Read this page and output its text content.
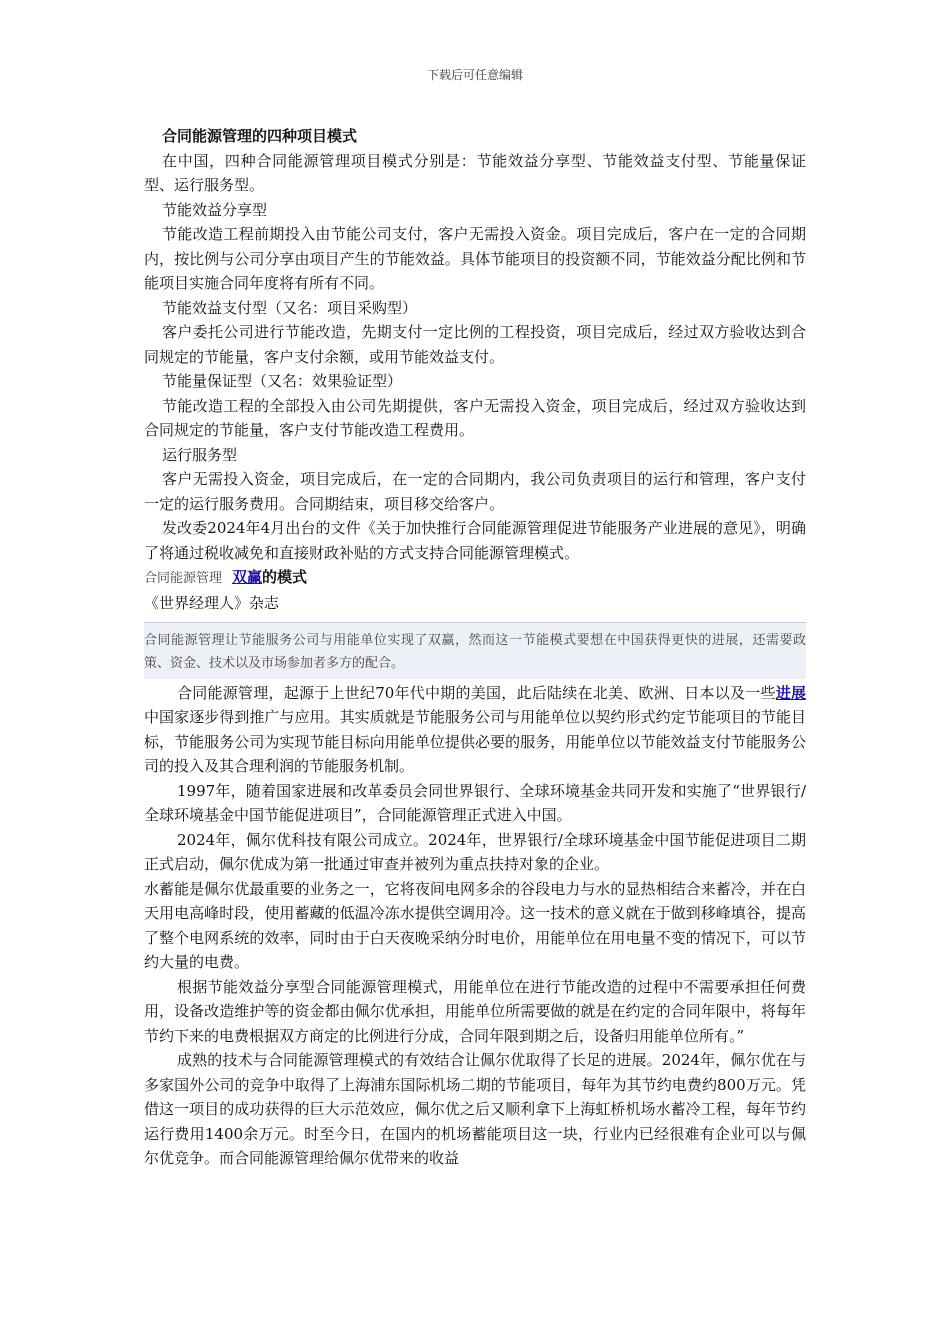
下载后可任意编辑

合同能源管理的四种项目模式

在中国，四种合同能源管理项目模式分别是：节能效益分享型、节能效益支付型、节能量保证型、运行服务型。

节能效益分享型

节能改造工程前期投入由节能公司支付，客户无需投入资金。项目完成后，客户在一定的合同期内，按比例与公司分享由项目产生的节能效益。具体节能项目的投资额不同，节能效益分配比例和节能项目实施合同年度将有所有不同。

节能效益支付型（又名：项目采购型）

客户委托公司进行节能改造，先期支付一定比例的工程投资，项目完成后，经过双方验收达到合同规定的节能量，客户支付余额，或用节能效益支付。

节能量保证型（又名：效果验证型）

节能改造工程的全部投入由公司先期提供，客户无需投入资金，项目完成后，经过双方验收达到合同规定的节能量，客户支付节能改造工程费用。

运行服务型

客户无需投入资金，项目完成后，在一定的合同期内，我公司负责项目的运行和管理，客户支付一定的运行服务费用。合同期结束，项目移交给客户。

发改委2024年4月出台的文件《关于加快推行合同能源管理促进节能服务产业进展的意见》，明确了将通过税收减免和直接财政补贴的方式支持合同能源管理模式。

合同能源管理 双赢的模式

《世界经理人》杂志

合同能源管理让节能服务公司与用能单位实现了双赢，然而这一节能模式要想在中国获得更快的进展，还需要政策、资金、技术以及市场参加者多方的配合。

合同能源管理，起源于上世纪70年代中期的美国，此后陆续在北美、欧洲、日本以及一些进展中国家逐步得到推广与应用。其实质就是节能服务公司与用能单位以契约形式约定节能项目的节能目标，节能服务公司为实现节能目标向用能单位提供必要的服务，用能单位以节能效益支付节能服务公司的投入及其合理利润的节能服务机制。

1997年，随着国家进展和改革委员会同世界银行、全球环境基金共同开发和实施了“世界银行/全球环境基金中国节能促进项目”，合同能源管理正式进入中国。

2024年，佩尔优科技有限公司成立。2024年，世界银行/全球环境基金中国节能促进项目二期正式启动，佩尔优成为第一批通过审查并被列为重点扶持对象的企业。

水蓄能是佩尔优最重要的业务之一，它将夜间电网多余的谷段电力与水的显热相结合来蓄冷，并在白天用电高峰时段，使用蓄藏的低温冷冻水提供空调用冷。这一技术的意义就在于做到移峰填谷，提高了整个电网系统的效率，同时由于白天夜晚采纳分时电价，用能单位在用电量不变的情况下，可以节约大量的电费。

根据节能效益分享型合同能源管理模式，用能单位在进行节能改造的过程中不需要承担任何费用，设备改造维护等的资金都由佩尔优承担，用能单位所需要做的就是在约定的合同年限中，将每年节约下来的电费根据双方商定的比例进行分成，合同年限到期之后，设备归用能单位所有。”

成熟的技术与合同能源管理模式的有效结合让佩尔优取得了长足的进展。2024年，佩尔优在与多家国外公司的竞争中取得了上海浦东国际机场二期的节能项目，每年为其节约电费约800万元。凭借这一项目的成功获得的巨大示范效应，佩尔优之后又顺利拿下上海虹桥机场水蓄冷工程，每年节约运行费用1400余万元。时至今日，在国内的机场蓄能项目这一块，行业内已经很难有企业可以与佩尔优竞争。而合同能源管理给佩尔优带来的收益
